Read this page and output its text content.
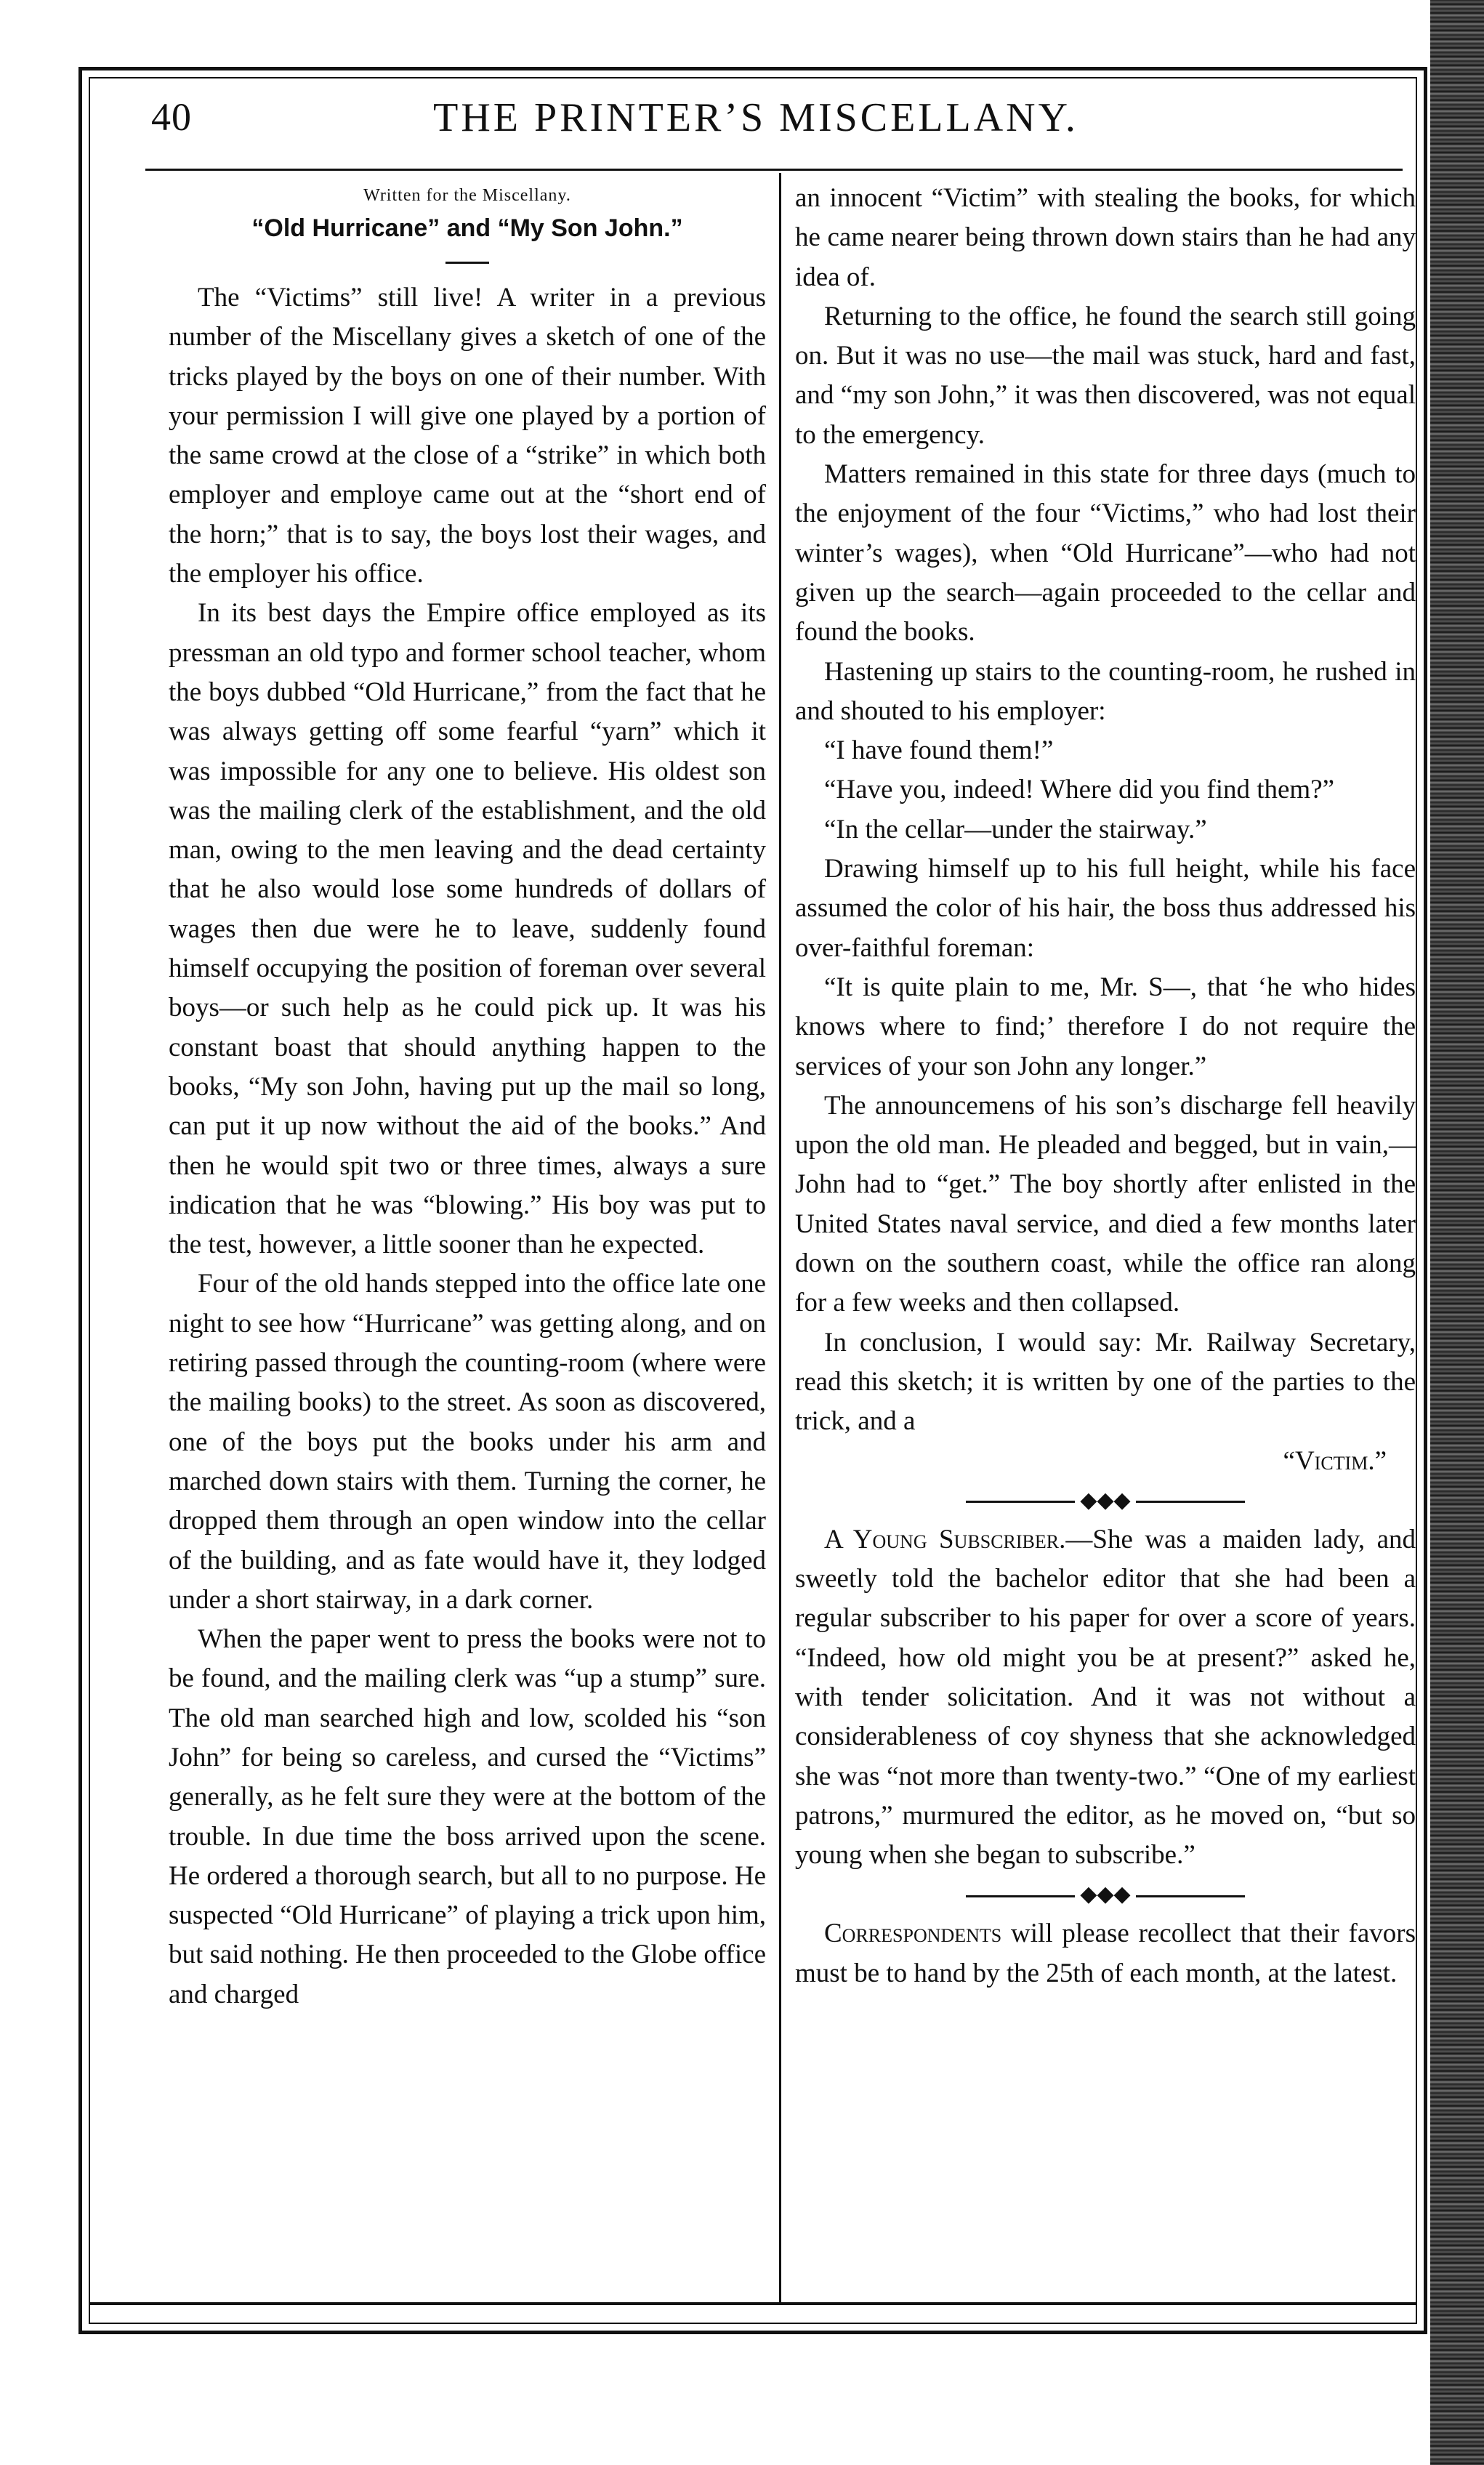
40	THE PRINTER’S MISCELLANY.
Written for the Miscellany.
“Old Hurricane” and “My Son John.”

The “Victims” still live! A writer in a previous number of the Miscellany gives a sketch of one of the tricks played by the boys on one of their number. With your permission I will give one played by a portion of the same crowd at the close of a “strike” in which both employer and employe came out at the “short end of the horn;” that is to say, the boys lost their wages, and the employer his office.

In its best days the Empire office employed as its pressman an old typo and former school teacher, whom the boys dubbed “Old Hurricane,” from the fact that he was always getting off some fearful “yarn” which it was impossible for any one to believe. His oldest son was the mailing clerk of the establishment, and the old man, owing to the men leaving and the dead certainty that he also would lose some hundreds of dollars of wages then due were he to leave, suddenly found himself occupying the position of foreman over several boys—or such help as he could pick up. It was his constant boast that should anything happen to the books, “My son John, having put up the mail so long, can put it up now without the aid of the books.” And then he would spit two or three times, always a sure indication that he was “blowing.” His boy was put to the test, however, a little sooner than he expected.

Four of the old hands stepped into the office late one night to see how “Hurricane” was getting along, and on retiring passed through the counting-room (where were the mailing books) to the street. As soon as discovered, one of the boys put the books under his arm and marched down stairs with them. Turning the corner, he dropped them through an open window into the cellar of the building, and as fate would have it, they lodged under a short stairway, in a dark corner.

When the paper went to press the books were not to be found, and the mailing clerk was “up a stump” sure. The old man searched high and low, scolded his “son John” for being so careless, and cursed the “Victims” generally, as he felt sure they were at the bottom of the trouble. In due time the boss arrived upon the scene. He ordered a thorough search, but all to no purpose. He suspected “Old Hurricane” of playing a trick upon him, but said nothing. He then proceeded to the Globe office and charged

an innocent “Victim” with stealing the books, for which he came nearer being thrown down stairs than he had any idea of.

Returning to the office, he found the search still going on. But it was no use—the mail was stuck, hard and fast, and “my son John,” it was then discovered, was not equal to the emergency.

Matters remained in this state for three days (much to the enjoyment of the four “Victims,” who had lost their winter’s wages), when “Old Hurricane”—who had not given up the search—again proceeded to the cellar and found the books.

Hastening up stairs to the counting-room, he rushed in and shouted to his employer:

“I have found them!”

“Have you, indeed! Where did you find them?”

“In the cellar—under the stairway.”

Drawing himself up to his full height, while his face assumed the color of his hair, the boss thus addressed his over-faithful foreman:

“It is quite plain to me, Mr. S—, that ‘he who hides knows where to find;’ therefore I do not require the services of your son John any longer.”

The announcemens of his son’s discharge fell heavily upon the old man. He pleaded and begged, but in vain,—John had to “get.” The boy shortly after enlisted in the United States naval service, and died a few months later down on the southern coast, while the office ran along for a few weeks and then collapsed.

In conclusion, I would say: Mr. Railway Secretary, read this sketch; it is written by one of the parties to the trick, and a

“Victim.”
◆◆◆

A Young Subscriber.—She was a maiden lady, and sweetly told the bachelor editor that she had been a regular subscriber to his paper for over a score of years. “Indeed, how old might you be at present?” asked he, with tender solicitation. And it was not without a considerableness of coy shyness that she acknowledged she was “not more than twenty-two.” “One of my earliest patrons,” murmured the editor, as he moved on, “but so young when she began to subscribe.”

◆◆◆

Correspondents will please recollect that their favors must be to hand by the 25th of each month, at the latest.
